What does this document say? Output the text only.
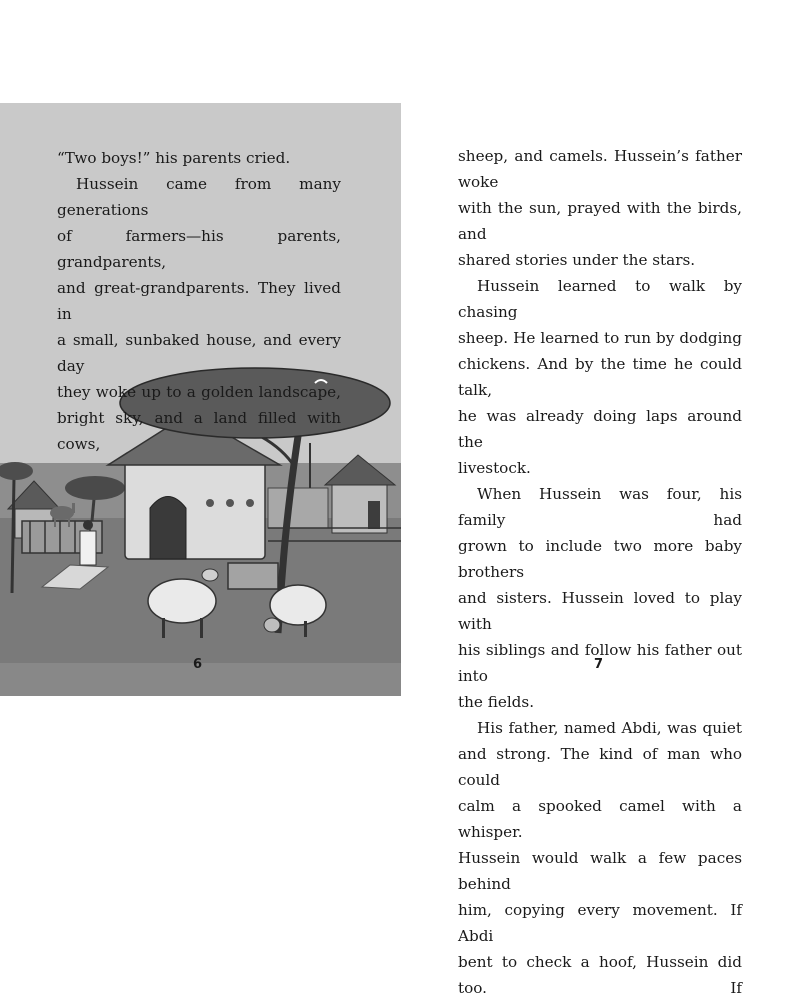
“Two boys!” his parents cried.

Hussein came from many generations

of farmers—his parents, grandparents,

and great-grandparents. They lived in

a small, sunbaked house, and every day

they woke up to a golden landscape,

bright sky, and a land filled with cows,

sheep, and camels. Hussein’s father woke

with the sun, prayed with the birds, and

shared stories under the stars.

Hussein learned to walk by chasing

sheep. He learned to run by dodging

chickens. And by the time he could talk,

he was already doing laps around the

livestock.

When Hussein was four, his family had

grown to include two more baby brothers

and sisters. Hussein loved to play with

his siblings and follow his father out into

the fields.

His father, named Abdi, was quiet

and strong. The kind of man who could

calm a spooked camel with a whisper.

Hussein would walk a few paces behind

him, copying every movement. If Abdi

bent to check a hoof, Hussein did too. If

6	7
